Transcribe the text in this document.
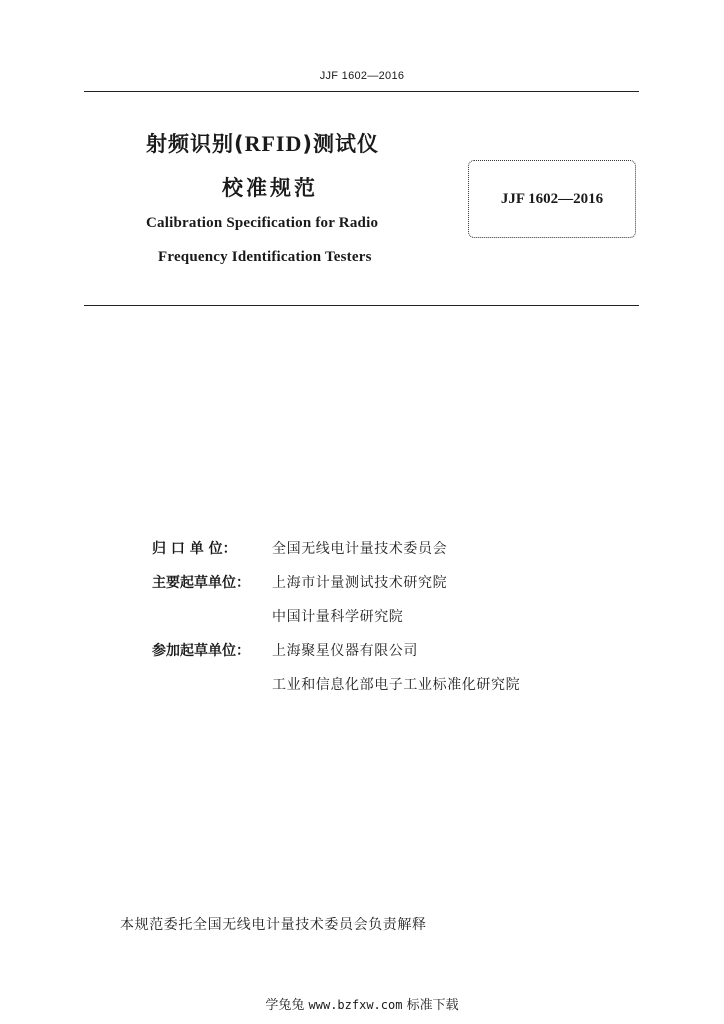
JJF 1602—2016
射频识别(RFID)测试仪
校准规范
Calibration Specification for Radio
Frequency Identification Testers
JJF 1602—2016
归 口 单 位：	全国无线电计量技术委员会
主要起草单位：	上海市计量测试技术研究院
中国计量科学研究院
参加起草单位：	上海聚星仪器有限公司
工业和信息化部电子工业标准化研究院
本规范委托全国无线电计量技术委员会负责解释
学兔兔 www.bzfxw.com 标准下载
